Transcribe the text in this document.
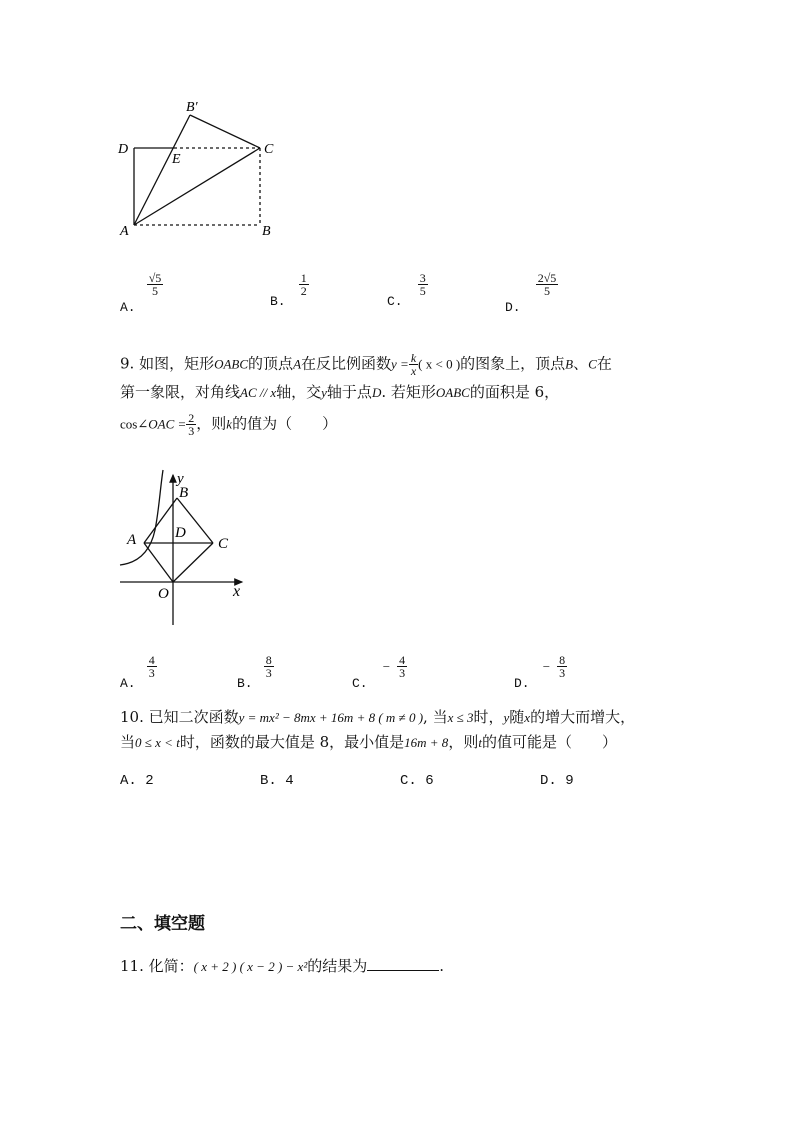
B′
D
E
C
A	B
$_{A.}$
$\frac{√5}{5}$
$_{B.}$
$\frac{1}{2}$
$_{C.}$
$\frac{3}{5}$
$_{D.}$
$\frac{2√5}{5}$
9. 如图，矩形OABC的顶点A在反比例函数$y = \frac{k}{x}$ ( x < 0 )的图象上，顶点B、C在
第一象限，对角线AC // x轴，交y轴于点D. 若矩形OABC的面积是 6，
cos∠OAC = $\frac{2}{3}$ ，则k的值为（　　）
y
B
A	D
C
O	x
$_{A.}$
$\frac{4}{3}$
$_{B.}$
$\frac{8}{3}$
$_{C.} - \frac{4}{3}$
$_{D.} - \frac{8}{3}$
10. 已知二次函数y = mx² − 8mx + 16m + 8 ( m ≠ 0 ), 当x ≤ 3时，y随x的增大而增大，
当0 ≤ x < t时，函数的最大值是 8，最小值是16m + 8，则t的值可能是（　　）
A. 2	B. 4	C. 6	D. 9
二、填空题
11. 化简：( x + 2 ) ( x − 2 ) − x²的结果为	.
